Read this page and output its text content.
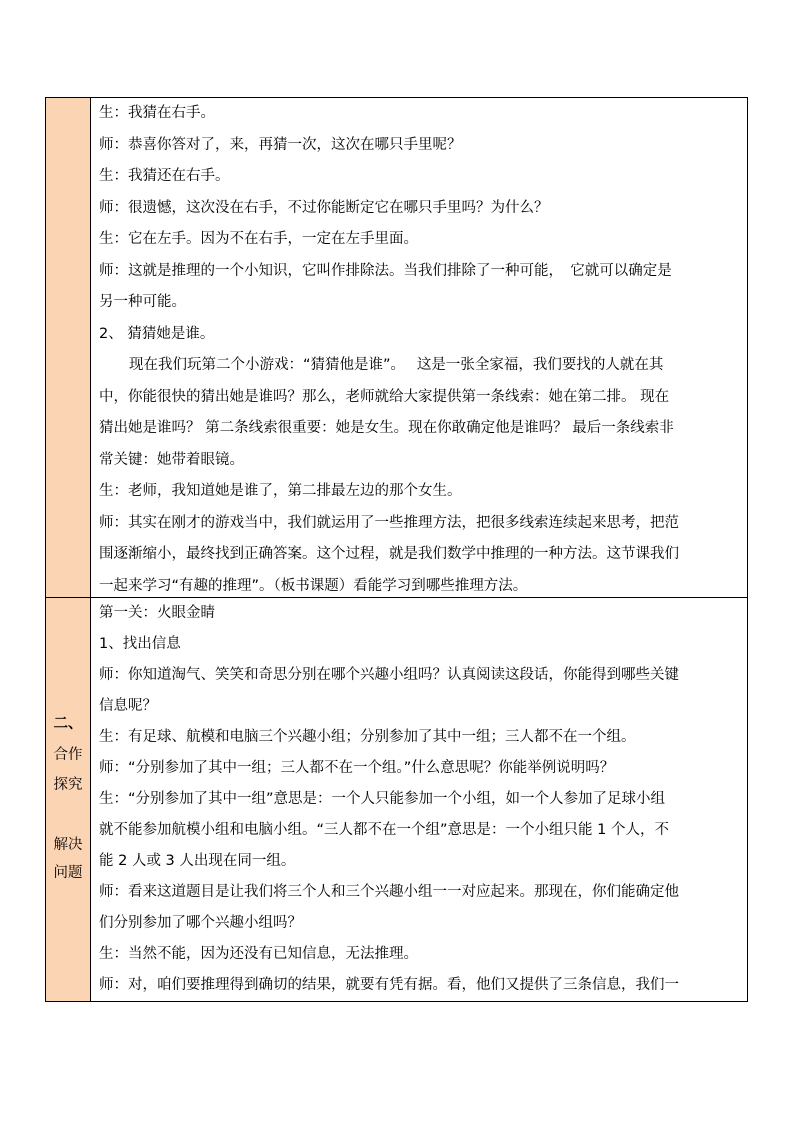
二、
合作
探究
解决
问题
生：我猜在右手。
师：恭喜你答对了，来，再猜一次，这次在哪只手里呢？
生：我猜还在右手。
师：很遗憾，这次没在右手，不过你能断定它在哪只手里吗？为什么？
生：它在左手。因为不在右手，一定在左手里面。
师：这就是推理的一个小知识，它叫作排除法。当我们排除了一种可能，　它就可以确定是
另一种可能。
2、 猜猜她是谁。
现在我们玩第二个小游戏：“猜猜他是谁”。　 这是一张全家福，我们要找的人就在其
中，你能很快的猜出她是谁吗？那么，老师就给大家提供第一条线索：她在第二排。 现在
猜出她是谁吗？ 第二条线索很重要：她是女生。现在你敢确定他是谁吗？ 最后一条线索非
常关键：她带着眼镜。
生：老师，我知道她是谁了，第二排最左边的那个女生。
师：其实在刚才的游戏当中，我们就运用了一些推理方法，把很多线索连续起来思考，把范
围逐渐缩小，最终找到正确答案。这个过程，就是我们数学中推理的一种方法。这节课我们
一起来学习“有趣的推理”。（板书课题）看能学习到哪些推理方法。
第一关：火眼金睛
1、找出信息
师：你知道淘气、笑笑和奇思分别在哪个兴趣小组吗？认真阅读这段话，你能得到哪些关键
信息呢？
生：有足球、航模和电脑三个兴趣小组；分别参加了其中一组；三人都不在一个组。
师：“分别参加了其中一组；三人都不在一个组。”什么意思呢？你能举例说明吗？
生：“分别参加了其中一组”意思是：一个人只能参加一个小组，如一个人参加了足球小组
就不能参加航模小组和电脑小组。“三人都不在一个组”意思是：一个小组只能 1 个人，不
能 2 人或 3 人出现在同一组。
师：看来这道题目是让我们将三个人和三个兴趣小组一一对应起来。那现在，你们能确定他
们分别参加了哪个兴趣小组吗？
生：当然不能，因为还没有已知信息，无法推理。
师：对，咱们要推理得到确切的结果，就要有凭有据。看，他们又提供了三条信息，我们一
